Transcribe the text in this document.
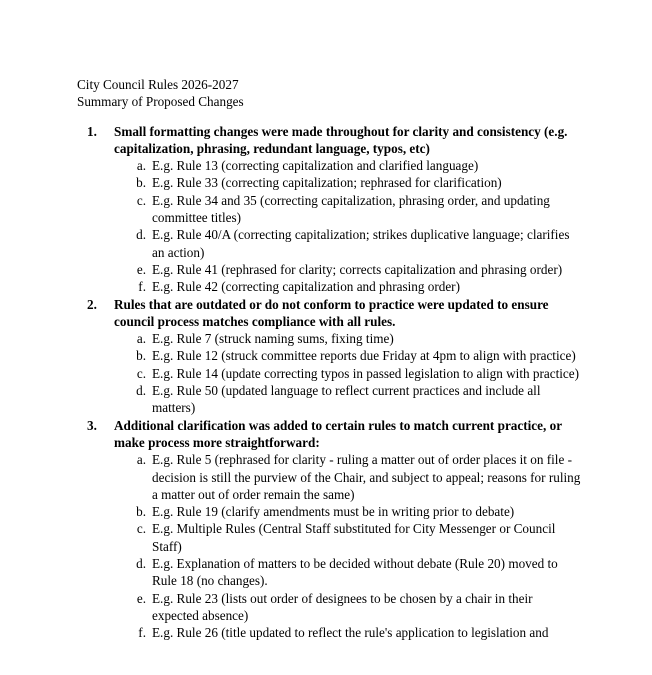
City Council Rules 2026-2027
Summary of Proposed Changes
1.	Small formatting changes were made throughout for clarity and consistency (e.g. capitalization, phrasing, redundant language, typos, etc)

a. E.g. Rule 13 (correcting capitalization and clarified language)
b. E.g. Rule 33 (correcting capitalization; rephrased for clarification)
c. E.g. Rule 34 and 35 (correcting capitalization, phrasing order, and updating committee titles)
d. E.g. Rule 40/A (correcting capitalization; strikes duplicative language; clarifies an action)
e. E.g. Rule 41 (rephrased for clarity; corrects capitalization and phrasing order)
f. E.g. Rule 42 (correcting capitalization and phrasing order)
2.	Rules that are outdated or do not conform to practice were updated to ensure council process matches compliance with all rules.

a. E.g. Rule 7 (struck naming sums, fixing time)
b. E.g. Rule 12 (struck committee reports due Friday at 4pm to align with practice)
c. E.g. Rule 14 (update correcting typos in passed legislation to align with practice)
d. E.g. Rule 50 (updated language to reflect current practices and include all matters)
3.	Additional clarification was added to certain rules to match current practice, or make process more straightforward:

a. E.g. Rule 5 (rephrased for clarity - ruling a matter out of order places it on file - decision is still the purview of the Chair, and subject to appeal; reasons for ruling a matter out of order remain the same)
b. E.g. Rule 19 (clarify amendments must be in writing prior to debate)
c. E.g. Multiple Rules (Central Staff substituted for City Messenger or Council Staff)
d. E.g. Explanation of matters to be decided without debate (Rule 20) moved to Rule 18 (no changes).
e. E.g. Rule 23 (lists out order of designees to be chosen by a chair in their expected absence)
f. E.g. Rule 26 (title updated to reflect the rule's application to legislation and
